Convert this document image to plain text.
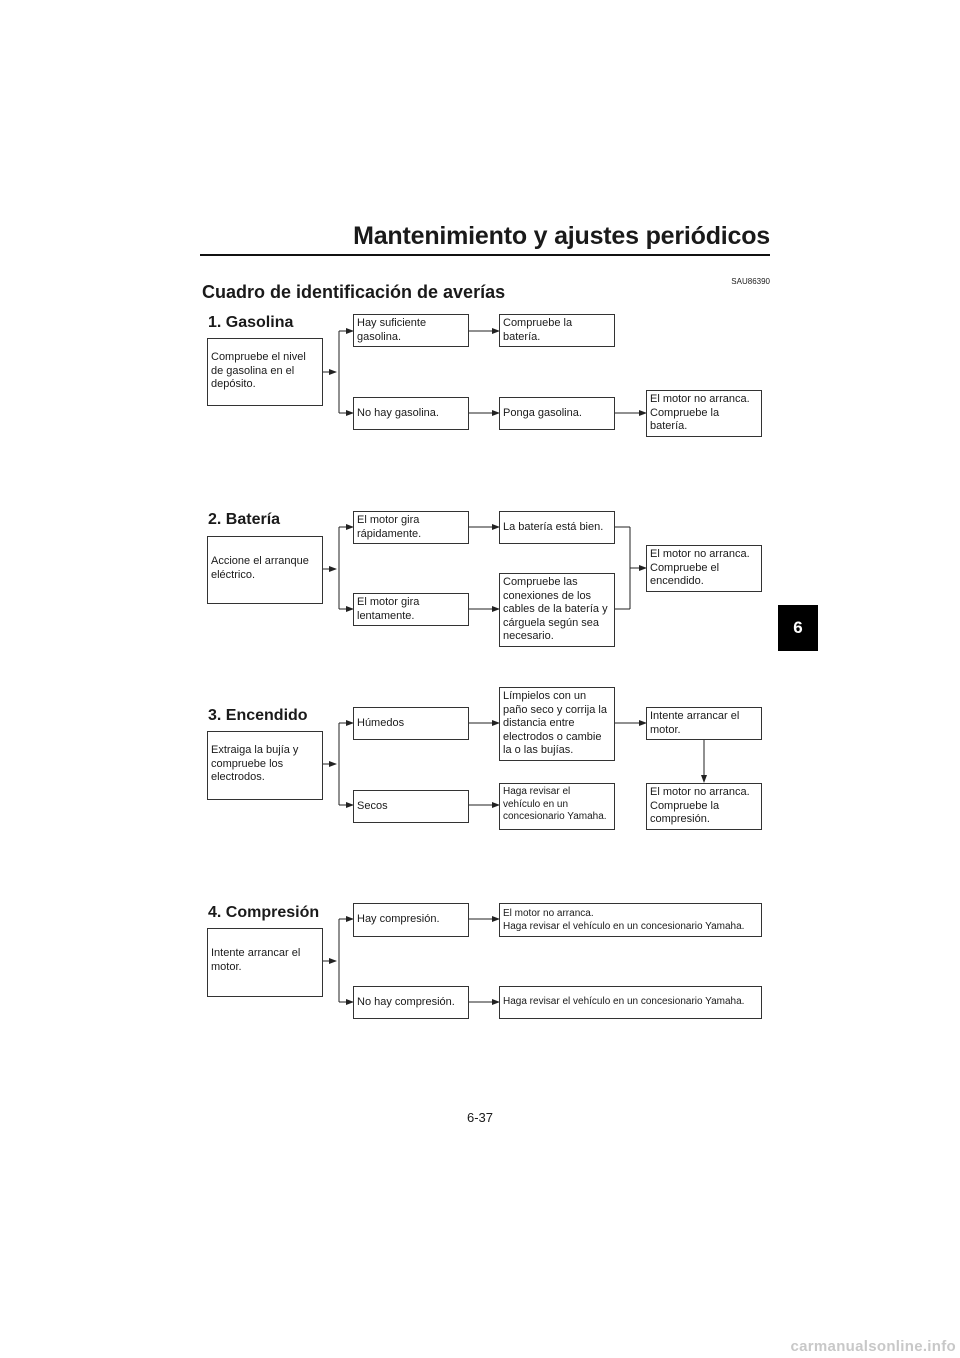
Mantenimiento y ajustes periódicos
SAU86390
Cuadro de identificación de averías
6
1. Gasolina
Compruebe el nivel
de gasolina en el
depósito.
Hay suficiente
gasolina.
Compruebe la
batería.
No hay gasolina.	Ponga gasolina.
El motor no arranca.
Compruebe la
batería.
2. Batería
Accione el arranque
eléctrico.
El motor gira
rápidamente.
La batería está bien.
El motor gira
lentamente.
Compruebe las
conexiones de los
cables de la batería y
cárguela según sea
necesario.
El motor no arranca.
Compruebe el
encendido.
3. Encendido
Extraiga la bujía y
compruebe los
electrodos.
Húmedos
Límpielos con un
paño seco y corrija la
distancia entre
electrodos o cambie
la o las bujías.
Intente arrancar el
motor.
Secos
Haga revisar el
vehículo en un
concesionario Yamaha.
El motor no arranca.
Compruebe la
compresión.
4. Compresión
Intente arrancar el
motor.
Hay compresión.	El motor no arranca.
Haga revisar el vehículo en un concesionario Yamaha.
No hay compresión.	Haga revisar el vehículo en un concesionario Yamaha.
6-37
carmanualsonline.info
